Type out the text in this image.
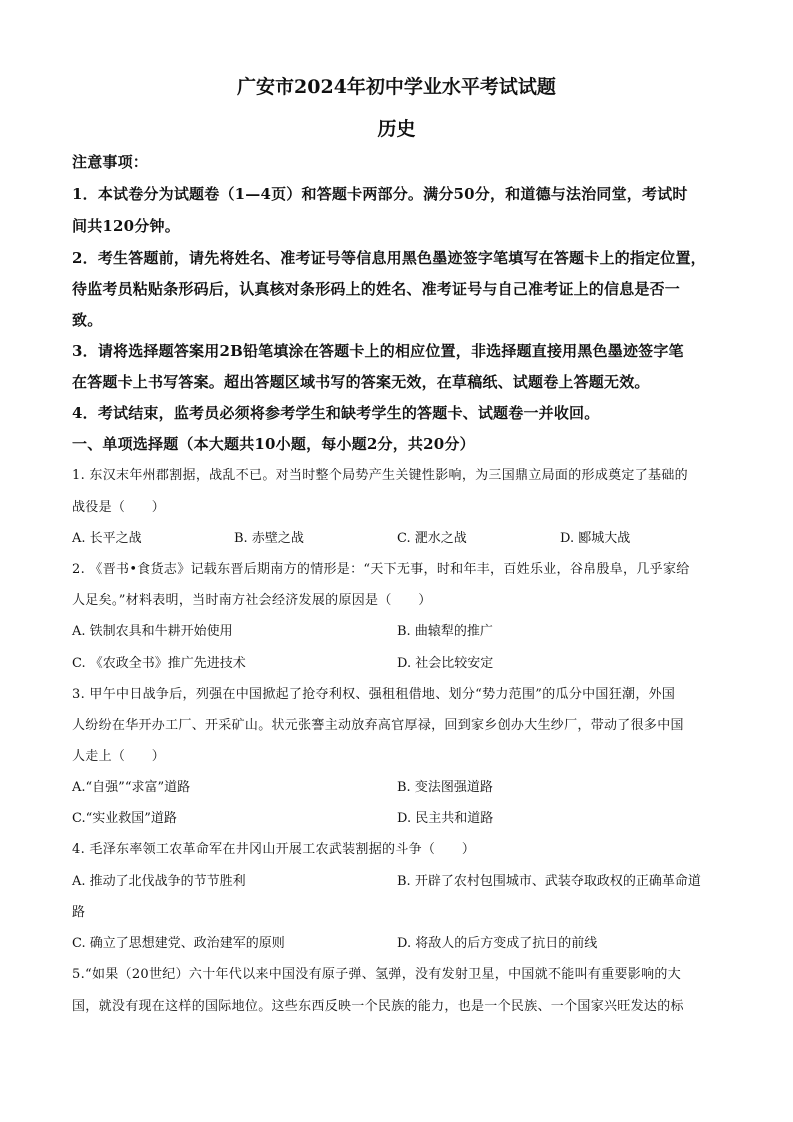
广安市2024年初中学业水平考试试题
历史
注意事项：
1．本试卷分为试题卷（1—4页）和答题卡两部分。满分50分，和道德与法治同堂，考试时
间共120分钟。
2．考生答题前，请先将姓名、准考证号等信息用黑色墨迹签字笔填写在答题卡上的指定位置，
待监考员粘贴条形码后，认真核对条形码上的姓名、准考证号与自己准考证上的信息是否一
致。
3．请将选择题答案用2B铅笔填涂在答题卡上的相应位置，非选择题直接用黑色墨迹签字笔
在答题卡上书写答案。超出答题区域书写的答案无效，在草稿纸、试题卷上答题无效。
4．考试结束，监考员必须将参考学生和缺考学生的答题卡、试题卷一并收回。
一、单项选择题（本大题共10小题，每小题2分，共20分）
1. 东汉末年州郡割据，战乱不已。对当时整个局势产生关键性影响，为三国鼎立局面的形成奠定了基础的
战役是（　　）
A. 长平之战	B. 赤壁之战	C. 淝水之战	D. 郾城大战
2. 《晋书•食货志》记载东晋后期南方的情形是：“天下无事，时和年丰，百姓乐业，谷帛殷阜，几乎家给
人足矣。”材料表明，当时南方社会经济发展的原因是（　　）
A. 铁制农具和牛耕开始使用	B. 曲辕犁的推广
C. 《农政全书》推广先进技术	D. 社会比较安定
3. 甲午中日战争后，列强在中国掀起了抢夺利权、强租租借地、划分“势力范围”的瓜分中国狂潮，外国
人纷纷在华开办工厂、开采矿山。状元张謇主动放弃高官厚禄，回到家乡创办大生纱厂，带动了很多中国
人走上（　　）
A.“自强”“求富”道路	B. 变法图强道路
C.“实业救国”道路	D. 民主共和道路
4. 毛泽东率领工农革命军在井冈山开展工农武装割据的斗争（　　）
A. 推动了北伐战争的节节胜利	B. 开辟了农村包围城市、武装夺取政权的正确革命道
路
C. 确立了思想建党、政治建军的原则	D. 将敌人的后方变成了抗日的前线
5.“如果（20世纪）六十年代以来中国没有原子弹、氢弹，没有发射卫星，中国就不能叫有重要影响的大
国，就没有现在这样的国际地位。这些东西反映一个民族的能力，也是一个民族、一个国家兴旺发达的标
